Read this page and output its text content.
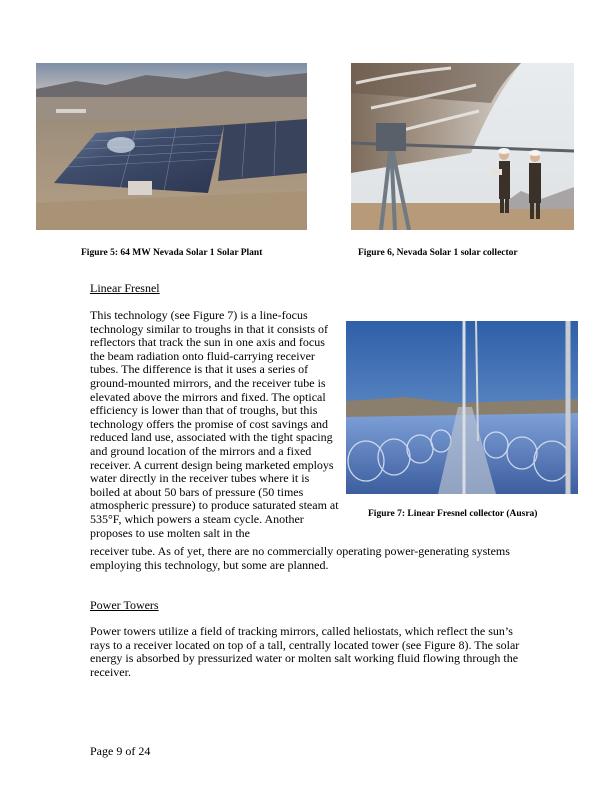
Figure 5: 64 MW Nevada Solar 1 Solar Plant	Figure 6, Nevada Solar 1 solar collector
Linear Fresnel
This technology (see Figure 7) is a line-focus technology similar to troughs in that it consists of reflectors that track the sun in one axis and focus the beam radiation onto fluid-carrying receiver tubes. The difference is that it uses a series of ground-mounted mirrors, and the receiver tube is elevated above the mirrors and fixed. The optical efficiency is lower than that of troughs, but this technology offers the promise of cost savings and reduced land use, associated with the tight spacing and ground location of the mirrors and a fixed receiver. A current design being marketed employs water directly in the receiver tubes where it is boiled at about 50 bars of pressure (50 times atmospheric pressure) to produce saturated steam at 535°F, which powers a steam cycle. Another proposes to use molten salt in the
Figure 7: Linear Fresnel collector (Ausra)
receiver tube. As of yet, there are no commercially operating power-generating systems employing this technology, but some are planned.
Power Towers
Power towers utilize a field of tracking mirrors, called heliostats, which reflect the sun’s rays to a receiver located on top of a tall, centrally located tower (see Figure 8). The solar energy is absorbed by pressurized water or molten salt working fluid flowing through the receiver.
Page 9 of 24
